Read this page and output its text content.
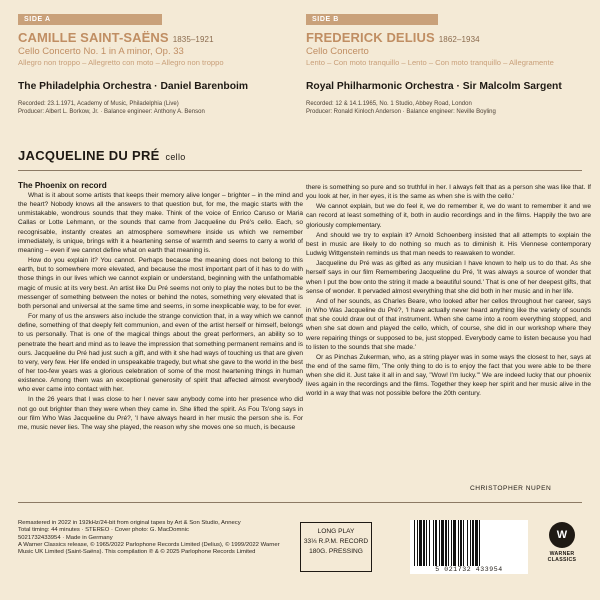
SIDE A	SIDE B
CAMILLE SAINT-SAËNS 1835–1921
Cello Concerto No. 1 in A minor, Op. 33
Allegro non troppo – Allegretto con moto – Allegro non troppo
The Philadelphia Orchestra · Daniel Barenboim
Recorded: 23.1.1971, Academy of Music, Philadelphia (Live)
Producer: Albert L. Borkow, Jr. · Balance engineer: Anthony A. Benson
FREDERICK DELIUS 1862–1934
Cello Concerto
Lento – Con moto tranquillo – Lento – Con moto tranquillo – Allegramente
Royal Philharmonic Orchestra · Sir Malcolm Sargent
Recorded: 12 & 14.1.1965, No. 1 Studio, Abbey Road, London
Producer: Ronald Kinloch Anderson · Balance engineer: Neville Boyling
JACQUELINE DU PRÉ cello
The Phoenix on record

What is it about some artists that keeps their memory alive longer – brighter – in the mind and the heart? Nobody knows all the answers to that question but, for me, the magic starts with the unmistakable, wondrous sounds that they make. Think of the voice of Enrico Caruso or Maria Callas or Lotte Lehmann, or the sounds that came from Jacqueline du Pré's cello. Each, so recognisable, instantly creates an atmosphere somewhere inside us which we remember immediately, is unique, brings with it a heartening sense of warmth and seems to carry a world of meaning – even if we cannot define what on earth that meaning is.

How do you explain it? You cannot. Perhaps because the meaning does not belong to this earth, but to somewhere more elevated, and because the most important part of it has to do with those things in our lives which we cannot explain or understand, beginning with the unfathomable magic of music at its very best. An artist like Du Pré seems not only to play the notes but to be the messenger of something between the notes or behind the notes, something very elevated that is both personal and universal at the same time and seems, in some inexplicable way, to be for ever.

For many of us the answers also include the strange conviction that, in a way which we cannot define, something of that deeply felt communion, and even of the artist herself or himself, belongs to us personally. That is one of the magical things about the great performers, an ability so to penetrate the heart and mind as to leave the impression that something permanent remains and is ours. Jacqueline du Pré had just such a gift, and with it she had ways of touching us that are given to very, very few. Her life ended in unspeakable tragedy, but what she gave to the world in the best of her too-few years was a glorious celebration of some of the most heartening things in human existence. Among them was an exceptional generosity of spirit that affected almost everybody who ever came into contact with her.

In the 26 years that I was close to her I never saw anybody come into her presence who did not go out brighter than they were when they came in. She lifted the spirit. As Fou Ts'ong says in our film Who Was Jacqueline du Pré?, 'I have always heard in her music the person she is. For me, music never lies. The way she played, the reason why she moves one so much, is because

there is something so pure and so truthful in her. I always felt that as a person she was like that. If you look at her, in her eyes, it is the same as when she is with the cello.'

We cannot explain, but we do feel it, we do remember it, we do want to remember it and we can record at least something of it, both in audio recordings and in the films. Happily the two are gloriously complementary.

And should we try to explain it? Arnold Schoenberg insisted that all attempts to explain the best in music are likely to do nothing so much as to diminish it. His Viennese contemporary Ludwig Wittgenstein reminds us that man needs to reawaken to wonder.

Jacqueline du Pré was as gifted as any musician I have known to help us to do that. As she herself says in our film Remembering Jacqueline du Pré, 'It was always a source of wonder that when I put the bow onto the string it made a beautiful sound.' That is one of her deepest gifts, that sense of wonder. It pervaded almost everything that she did both in her music and in her life.

And of her sounds, as Charles Beare, who looked after her cellos throughout her career, says in Who Was Jacqueline du Pré?, 'I have actually never heard anything like the variety of sounds that she could draw out of that instrument. When she came into a room everything stopped, and when she sat down and played the cello, which, of course, she did in our workshop where they were repairing things or supposed to be, just stopped. Everybody came to listen because you had to listen to the sounds that she made.'

Or as Pinchas Zukerman, who, as a string player was in some ways the closest to her, says at the end of the same film, 'The only thing to do is to enjoy the fact that you were able to be there when she did it. Just take it all in and say, "Wow! I'm lucky."' We are indeed lucky that our phoenix lives again in the recordings and the films. Together they keep her spirit and her music alive in the world in a way that was not possible before the 20th century.

CHRISTOPHER NUPEN
Remastered in 2022 in 192kHz/24-bit from original tapes by Art & Son Studio, Annecy
Total timing: 44 minutes · STEREO · Cover photo: G. MacDomnic
5021732433954 · Made in Germany
A Warner Classics release, © 1965/2022 Parlophone Records Limited (Delius), © 1999/2022 Warner
Music UK Limited (Saint-Saëns). This compilation ℗ & © 2025 Parlophone Records Limited
LONG PLAY
33⅓ R.P.M. RECORD
180G. PRESSING
5 021732 433954
W
WARNER
CLASSICS
